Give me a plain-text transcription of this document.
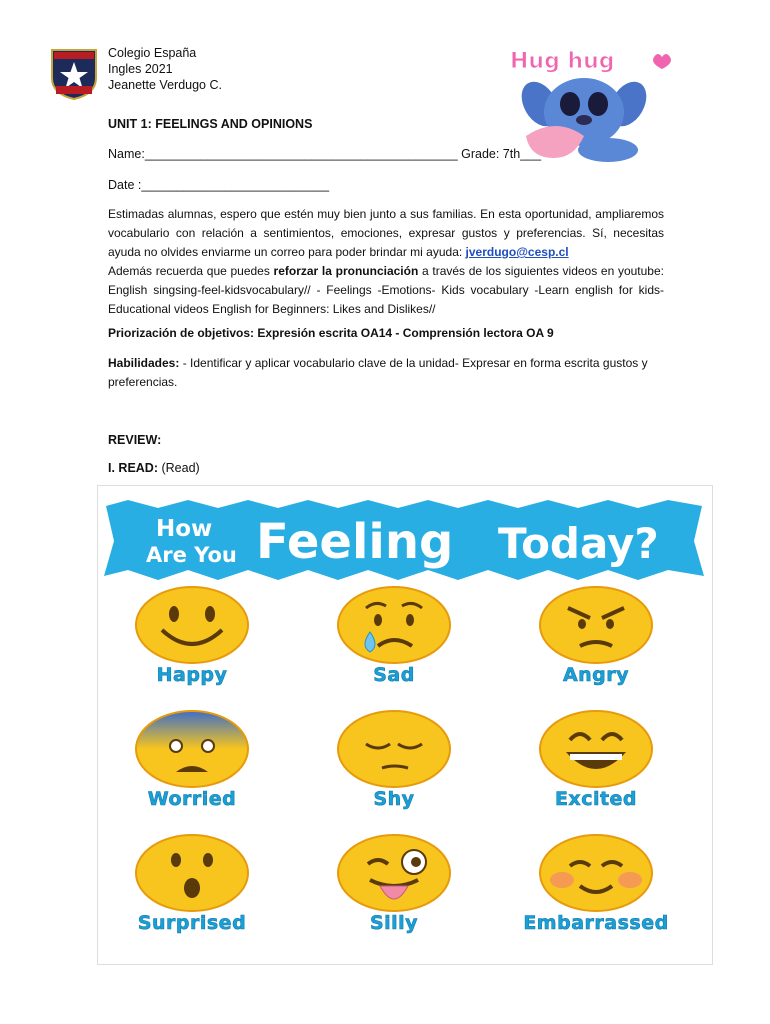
Colegio España
Ingles 2021
Jeanette Verdugo C.
Hug hug
UNIT 1: FEELINGS AND OPINIONS
Name:_____________________________________________ Grade: 7th___
Date :___________________________
Estimadas alumnas, espero que estén muy bien junto a sus familias. En esta oportunidad, ampliaremos vocabulario con relación a sentimientos, emociones, expresar gustos y preferencias. Sí, necesitas ayuda no olvides enviarme un correo para poder brindar mi ayuda: jverdugo@cesp.cl
Además recuerda que puedes reforzar la pronunciación a través de los siguientes videos en youtube: English singsing-feel-kidsvocabulary// - Feelings -Emotions- Kids vocabulary -Learn english for kids- Educational videos English for Beginners: Likes and Dislikes//
Priorización de objetivos: Expresión escrita OA14 - Comprensión lectora OA 9
Habilidades: - Identificar y aplicar vocabulario clave de la unidad- Expresar en forma escrita gustos y preferencias.
REVIEW:
I. READ: (Read)
How
Are You Feeling Today?
Happy	Sad	Angry
Worried	Shy	Excited
Surprised	Silly	Embarrassed
